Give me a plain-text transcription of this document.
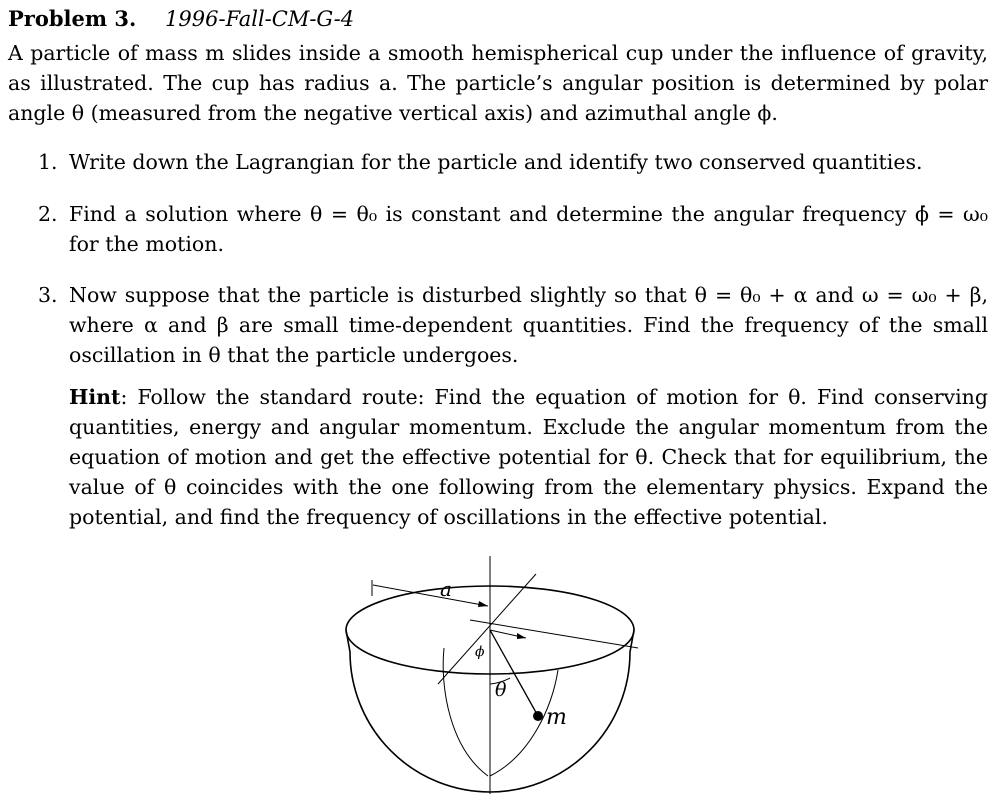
Problem 3. 1996-Fall-CM-G-4
A particle of mass m slides inside a smooth hemispherical cup under the influence of gravity, as illustrated. The cup has radius a. The particle’s angular position is determined by polar angle θ (measured from the negative vertical axis) and azimuthal angle ϕ.
1. Write down the Lagrangian for the particle and identify two conserved quantities.
2. Find a solution where θ = θ₀ is constant and determine the angular frequency ϕ̇ = ω₀ for the motion.
3. Now suppose that the particle is disturbed slightly so that θ = θ₀ + α and ω = ω₀ + β, where α and β are small time-dependent quantities. Find the frequency of the small oscillation in θ that the particle undergoes.
Hint: Follow the standard route: Find the equation of motion for θ. Find conserving quantities, energy and angular momentum. Exclude the angular momentum from the equation of motion and get the effective potential for θ. Check that for equilibrium, the value of θ coincides with the one following from the elementary physics. Expand the potential, and find the frequency of oscillations in the effective potential.
a
ϕ
θ
m
